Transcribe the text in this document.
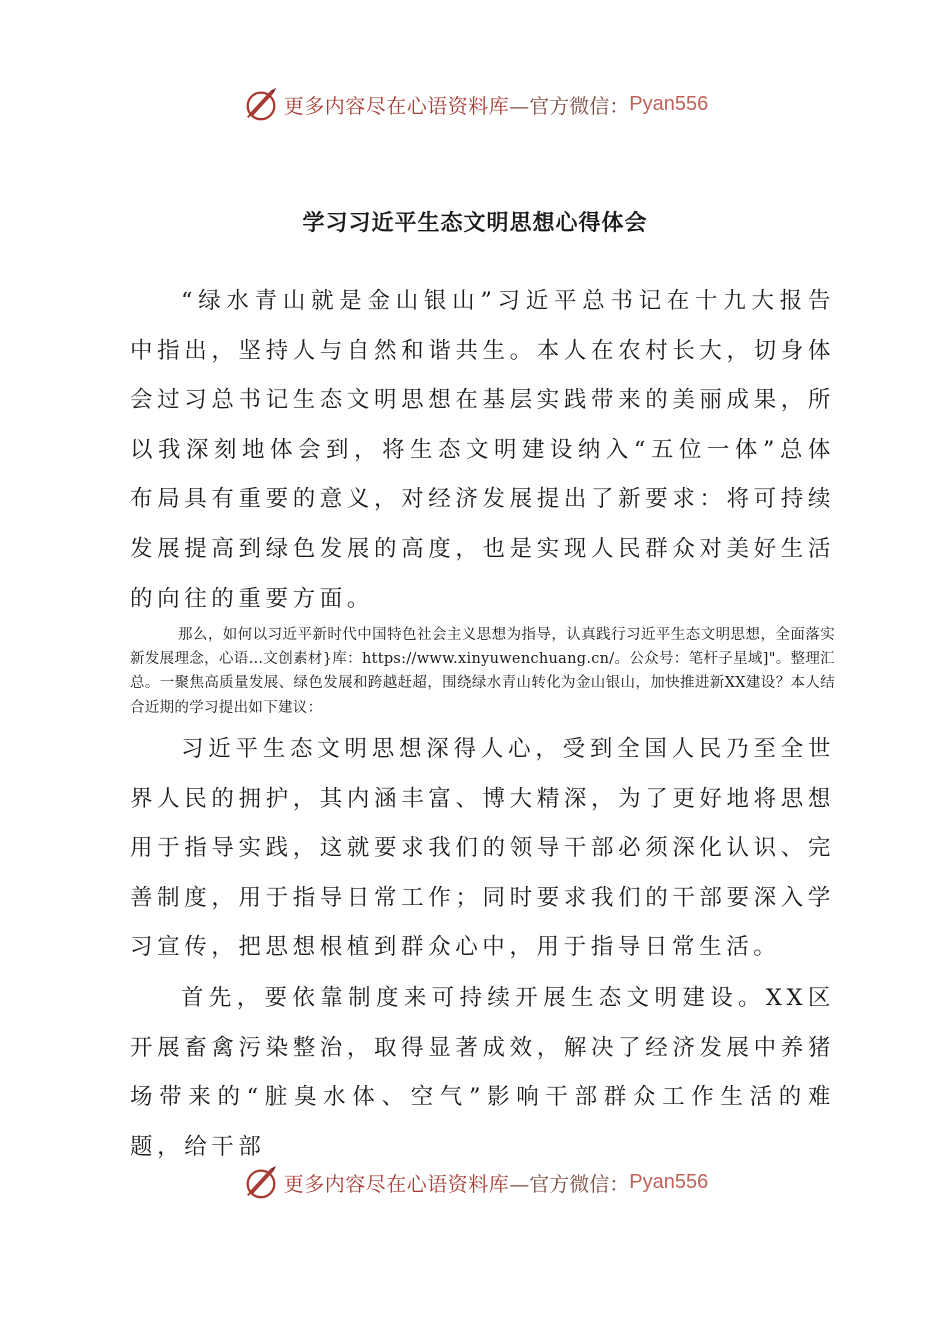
更多内容尽在心语资料库 —官方微信： Pyan556
学习习近平生态文明思想心得体会

“绿水青山就是金山银山”习近平总书记在十九大报告中指出，坚持人与自然和谐共生。本人在农村长大，切身体会过习总书记生态文明思想在基层实践带来的美丽成果，所以我深刻地体会到，将生态文明建设纳入“五位一体”总体布局具有重要的意义，对经济发展提出了新要求：将可持续发展提高到绿色发展的高度，也是实现人民群众对美好生活的向往的重要方面。

那么，如何以习近平新时代中国特色社会主义思想为指导，认真践行习近平生态文明思想，全面落实新发展理念，心语…文创素材}库：https://www.xinyuwenchuang.cn/。公众号：笔杆子星域]"。整理汇总。一聚焦高质量发展、绿色发展和跨越赶超，围绕绿水青山转化为金山银山，加快推进新XX建设？本人结合近期的学习提出如下建议：

习近平生态文明思想深得人心，受到全国人民乃至全世界人民的拥护，其内涵丰富、博大精深，为了更好地将思想用于指导实践，这就要求我们的领导干部必须深化认识、完善制度，用于指导日常工作；同时要求我们的干部要深入学习宣传，把思想根植到群众心中，用于指导日常生活。

首先，要依靠制度来可持续开展生态文明建设。XX区开展畜禽污染整治，取得显著成效，解决了经济发展中养猪场带来的“脏臭水体、空气”影响干部群众工作生活的难题，给干部

更多内容尽在心语资料库 —官方微信： Pyan556
